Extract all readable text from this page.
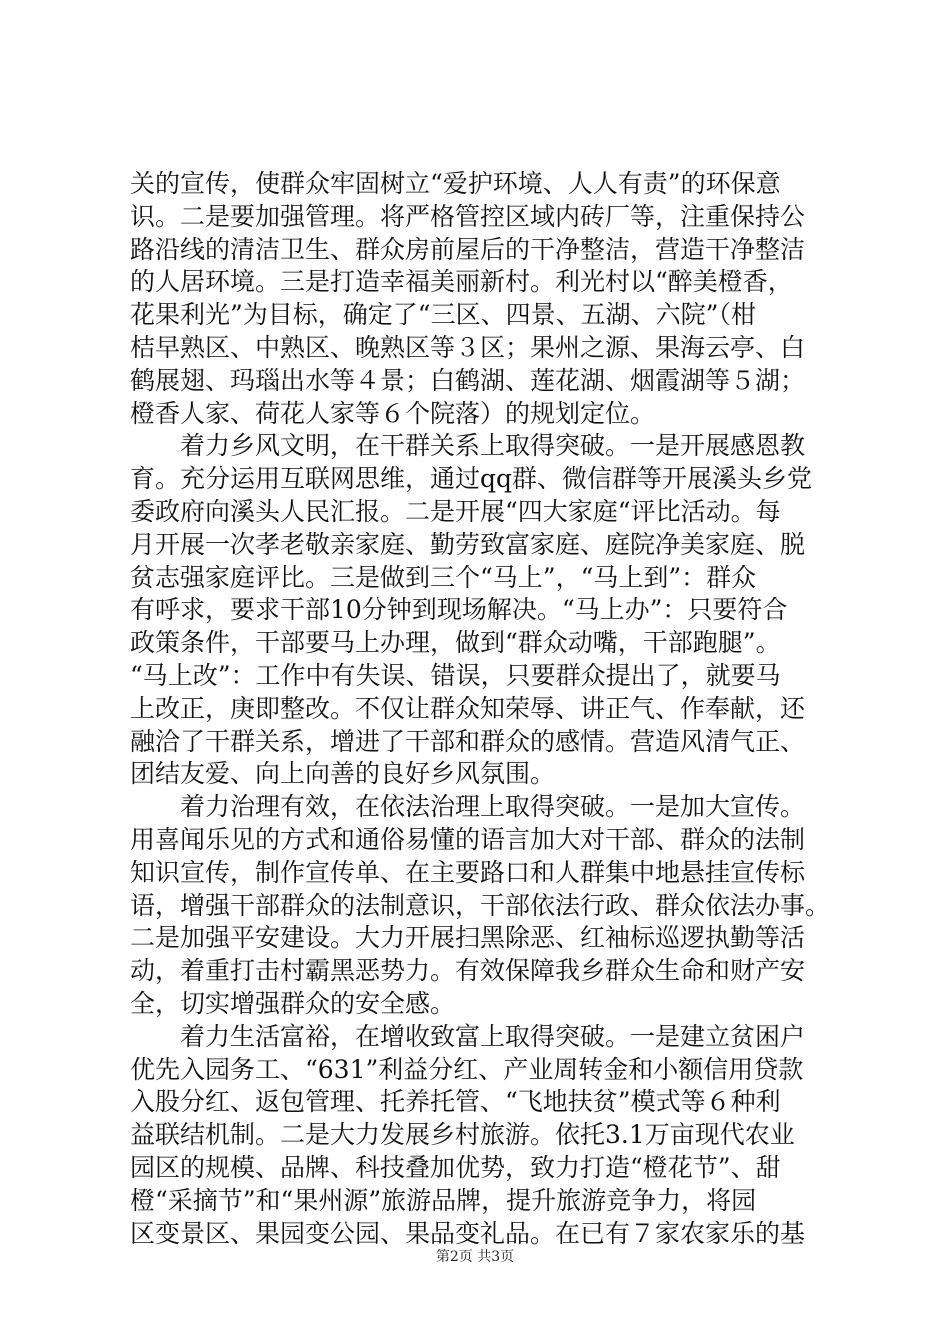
关的宣传，使群众牢固树立“爱护环境、人人有责”的环保意
识。二是要加强管理。将严格管控区域内砖厂等，注重保持公
路沿线的清洁卫生、群众房前屋后的干净整洁，营造干净整洁
的人居环境。三是打造幸福美丽新村。利光村以“醉美橙香，
花果利光”为目标，确定了“三区、四景、五湖、六院”（柑
桔早熟区、中熟区、晚熟区等３区；果州之源、果海云亭、白
鹤展翅、玛瑙出水等４景；白鹤湖、莲花湖、烟霞湖等５湖；
橙香人家、荷花人家等６个院落）的规划定位。

　　着力乡风文明，在干群关系上取得突破。一是开展感恩教
育。充分运用互联网思维，通过qq群、微信群等开展溪头乡党
委政府向溪头人民汇报。二是开展“四大家庭“评比活动。每
月开展一次孝老敬亲家庭、勤劳致富家庭、庭院净美家庭、脱
贫志强家庭评比。三是做到三个“马上”，“马上到”：群众
有呼求，要求干部10分钟到现场解决。“马上办”：只要符合
政策条件，干部要马上办理，做到“群众动嘴，干部跑腿”。
“马上改”：工作中有失误、错误，只要群众提出了，就要马
上改正，庚即整改。不仅让群众知荣辱、讲正气、作奉献，还
融洽了干群关系，增进了干部和群众的感情。营造风清气正、
团结友爱、向上向善的良好乡风氛围。

　　着力治理有效，在依法治理上取得突破。一是加大宣传。
用喜闻乐见的方式和通俗易懂的语言加大对干部、群众的法制
知识宣传，制作宣传单、在主要路口和人群集中地悬挂宣传标
语，增强干部群众的法制意识，干部依法行政、群众依法办事。
二是加强平安建设。大力开展扫黑除恶、红袖标巡逻执勤等活
动，着重打击村霸黑恶势力。有效保障我乡群众生命和财产安
全，切实增强群众的安全感。

　　着力生活富裕，在增收致富上取得突破。一是建立贫困户
优先入园务工、“631”利益分红、产业周转金和小额信用贷款
入股分红、返包管理、托养托管、“飞地扶贫”模式等６种利
益联结机制。二是大力发展乡村旅游。依托3.1万亩现代农业
园区的规模、品牌、科技叠加优势，致力打造“橙花节”、甜
橙“采摘节”和“果州源”旅游品牌，提升旅游竞争力，将园
区变景区、果园变公园、果品变礼品。在已有７家农家乐的基

第2页 共3页
